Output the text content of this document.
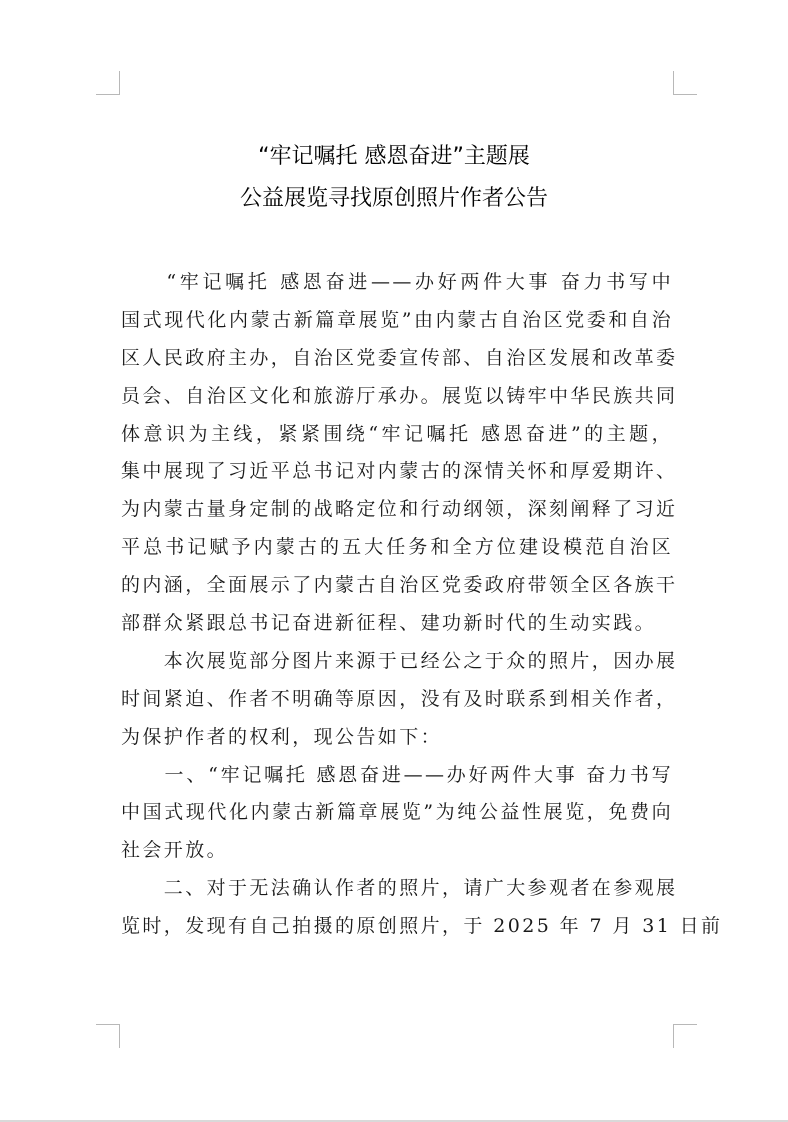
“牢记嘱托 感恩奋进”主题展
公益展览寻找原创照片作者公告
　　“牢记嘱托 感恩奋进——办好两件大事 奋力书写中
国式现代化内蒙古新篇章展览”由内蒙古自治区党委和自治
区人民政府主办，自治区党委宣传部、自治区发展和改革委
员会、自治区文化和旅游厅承办。展览以铸牢中华民族共同
体意识为主线，紧紧围绕“牢记嘱托 感恩奋进”的主题，
集中展现了习近平总书记对内蒙古的深情关怀和厚爱期许、
为内蒙古量身定制的战略定位和行动纲领，深刻阐释了习近
平总书记赋予内蒙古的五大任务和全方位建设模范自治区
的内涵，全面展示了内蒙古自治区党委政府带领全区各族干
部群众紧跟总书记奋进新征程、建功新时代的生动实践。
　　本次展览部分图片来源于已经公之于众的照片，因办展
时间紧迫、作者不明确等原因，没有及时联系到相关作者，
为保护作者的权利，现公告如下：
　　一、“牢记嘱托 感恩奋进——办好两件大事 奋力书写
中国式现代化内蒙古新篇章展览”为纯公益性展览，免费向
社会开放。
　　二、对于无法确认作者的照片，请广大参观者在参观展
览时，发现有自己拍摄的原创照片，于 2025 年 7 月 31 日前
